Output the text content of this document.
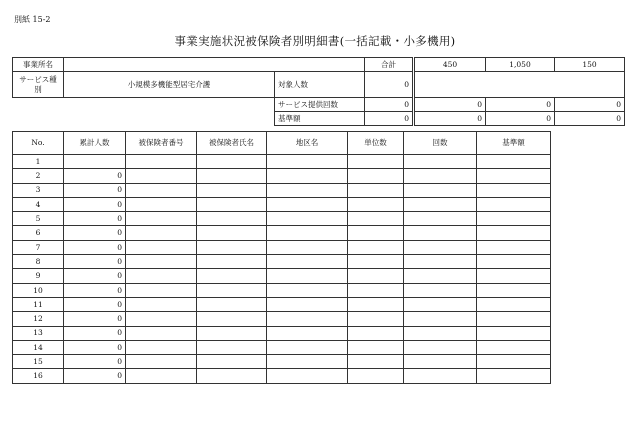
別紙 15-2
事業実施状況被保険者別明細書(一括記載・小多機用)
事業所名			合計	450	1,050	150
サービス種別	小規模多機能型居宅介護	対象人数	0			
		サービス提供回数	0	0	0	0
		基準額	0	0	0	0
No.	累計人数	被保険者番号	被保険者氏名	地区名	単位数	回数	基準額
1							
2	0						
3	0						
4	0						
5	0						
6	0						
7	0						
8	0						
9	0						
10	0						
11	0						
12	0						
13	0						
14	0						
15	0						
16	0						
